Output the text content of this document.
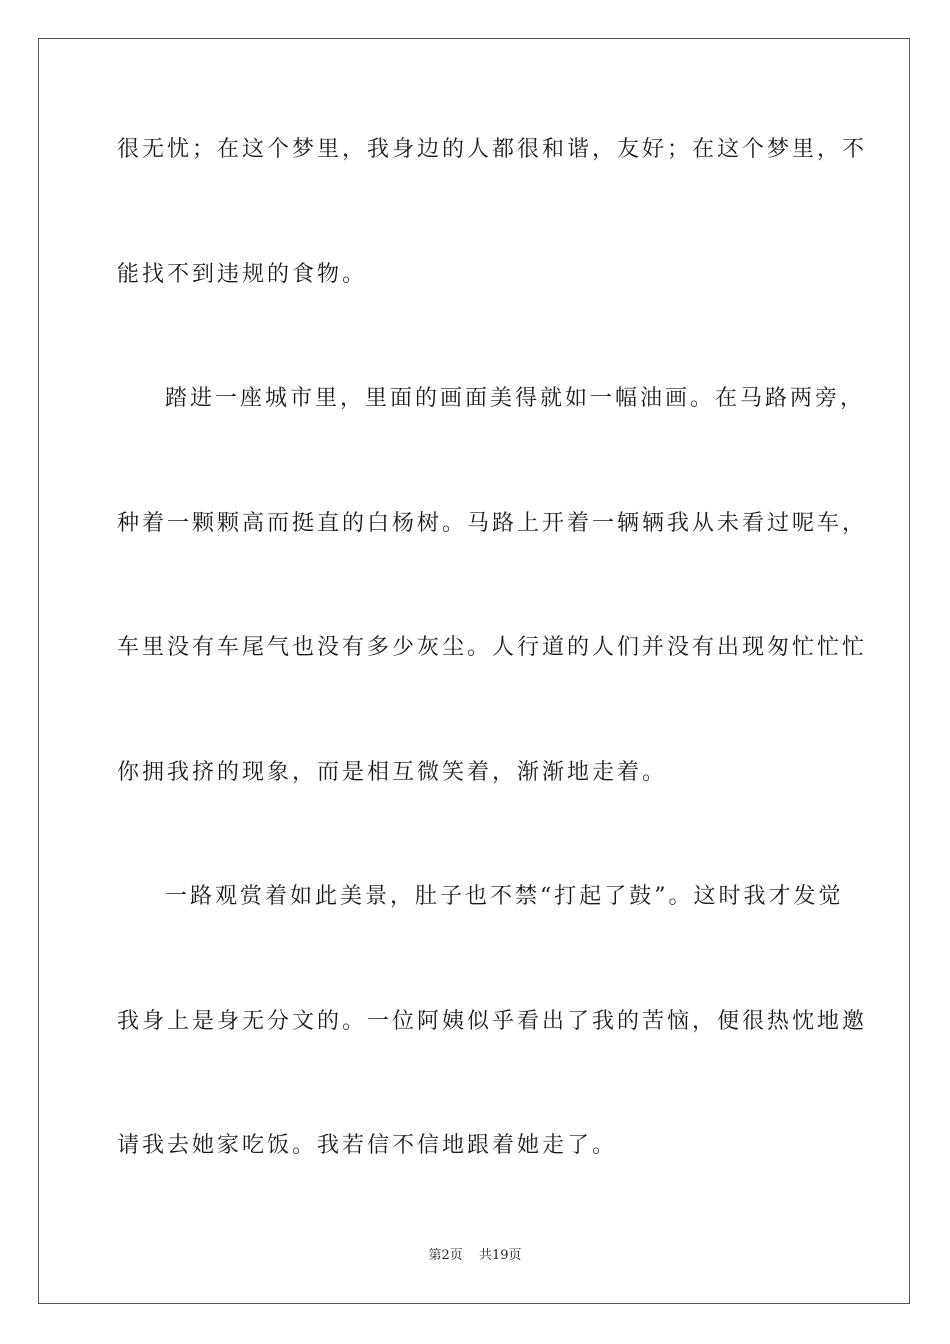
很无忧；在这个梦里，我身边的人都很和谐，友好；在这个梦里，不
能找不到违规的食物。
踏进一座城市里，里面的画面美得就如一幅油画。在马路两旁，
种着一颗颗高而挺直的白杨树。马路上开着一辆辆我从未看过呢车，
车里没有车尾气也没有多少灰尘。人行道的人们并没有出现匆忙忙忙
你拥我挤的现象，而是相互微笑着，渐渐地走着。
一路观赏着如此美景，肚子也不禁“打起了鼓”。这时我才发觉
我身上是身无分文的。一位阿姨似乎看出了我的苦恼，便很热忱地邀
请我去她家吃饭。我若信不信地跟着她走了。
第2页 共19页
